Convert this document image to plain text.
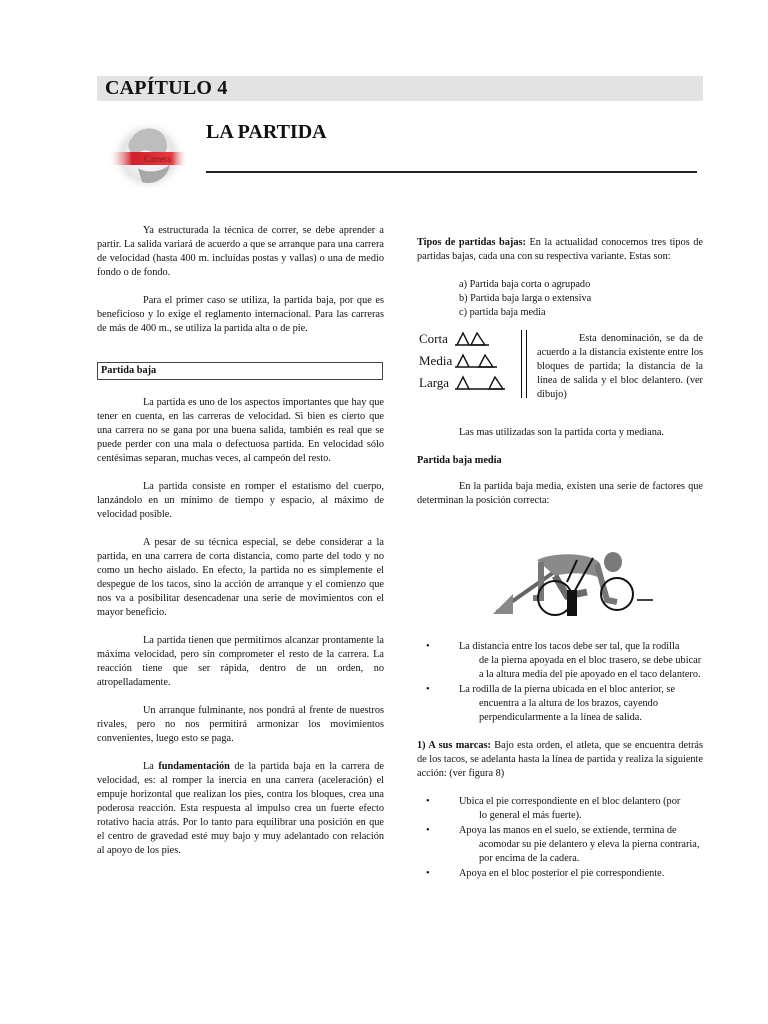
CAPÍTULO 4
Carrera
LA PARTIDA

Ya estructurada la técnica de correr, se debe aprender a partir. La salida variará de acuerdo a que se arranque para una carrera de velocidad (hasta 400 m. incluidas postas y vallas) o una de medio fondo o de fondo.

Para el primer caso se utiliza, la partida baja, por que es beneficioso y lo exige el reglamento internacional. Para las carreras de más de 400 m., se utiliza la partida alta o de pie.

Partida baja

La partida es uno de los aspectos importantes que hay que tener en cuenta, en las carreras de velocidad. Si bien es cierto que una carrera no se gana por una buena salida, también es real que se puede perder con una mala o defectuosa partida. En velocidad sólo centésimas separan, muchas veces, al campeón del resto.

La partida consiste en romper el estatismo del cuerpo, lanzándolo en un mínimo de tiempo y espacio, al máximo de velocidad posible.

A pesar de su técnica especial, se debe considerar a la partida, en una carrera de corta distancia, como parte del todo y no como un hecho aislado. En efecto, la partida no es simplemente el despegue de los tacos, sino la acción de arranque y el comienzo que nos va a posibilitar desencadenar una serie de movimientos con el mayor beneficio.

La partida tienen que permitirnos alcanzar prontamente la máxima velocidad, pero sin comprometer el resto de la carrera. La reacción tiene que ser rápida, dentro de un orden, no atropelladamente.

Un arranque fulminante, nos pondrá al frente de nuestros rivales, pero no nos permitirá armonizar los movimientos convenientes, luego esto se paga.

La fundamentación de la partida baja en la carrera de velocidad, es: al romper la inercia en una carrera (aceleración) el empuje horizontal que realizan los pies, contra los bloques, crea una poderosa reacción. Esta respuesta al impulso crea un fuerte efecto rotativo hacia atrás. Por lo tanto para equilibrar una posición en que el centro de gravedad esté muy bajo y muy adelantado con relación al apoyo de los pies.

Tipos de partidas bajas: En la actualidad conocemos tres tipos de partidas bajas, cada una con su respectiva variante. Estas son:

a) Partida baja corta o agrupado
b) Partida baja larga o extensiva
c) partida baja media
Corta
Media
Larga
Esta denominación, se da de acuerdo a la distancia existente entre los bloques de partida; la distancia de la línea de salida y el bloc delantero. (ver dibujo)

Las mas utilizadas son la partida corta y mediana.

Partida baja media

En la partida baja media, existen una serie de factores que determinan la posición correcta:

•	La distancia entre los tacos debe ser tal, que la rodilla
de la pierna apoyada en el bloc trasero, se debe ubicar a la altura media del pie apoyado en el taco delantero.
•	La rodilla de la pierna ubicada en el bloc anterior, se
encuentra a la altura de los brazos, cayendo perpendicularmente a la línea de salida.

1) A sus marcas: Bajo esta orden, el atleta, que se encuentra detrás de los tacos, se adelanta hasta la línea de partida y realiza la siguiente acción: (ver figura 8)

•	Ubica el pie correspondiente en el bloc delantero (por
lo general el más fuerte).
•	Apoya las manos en el suelo, se extiende, termina de
acomodar su pie delantero y eleva la pierna contraria, por encima de la cadera.
•	Apoya en el bloc posterior el pie correspondiente.
